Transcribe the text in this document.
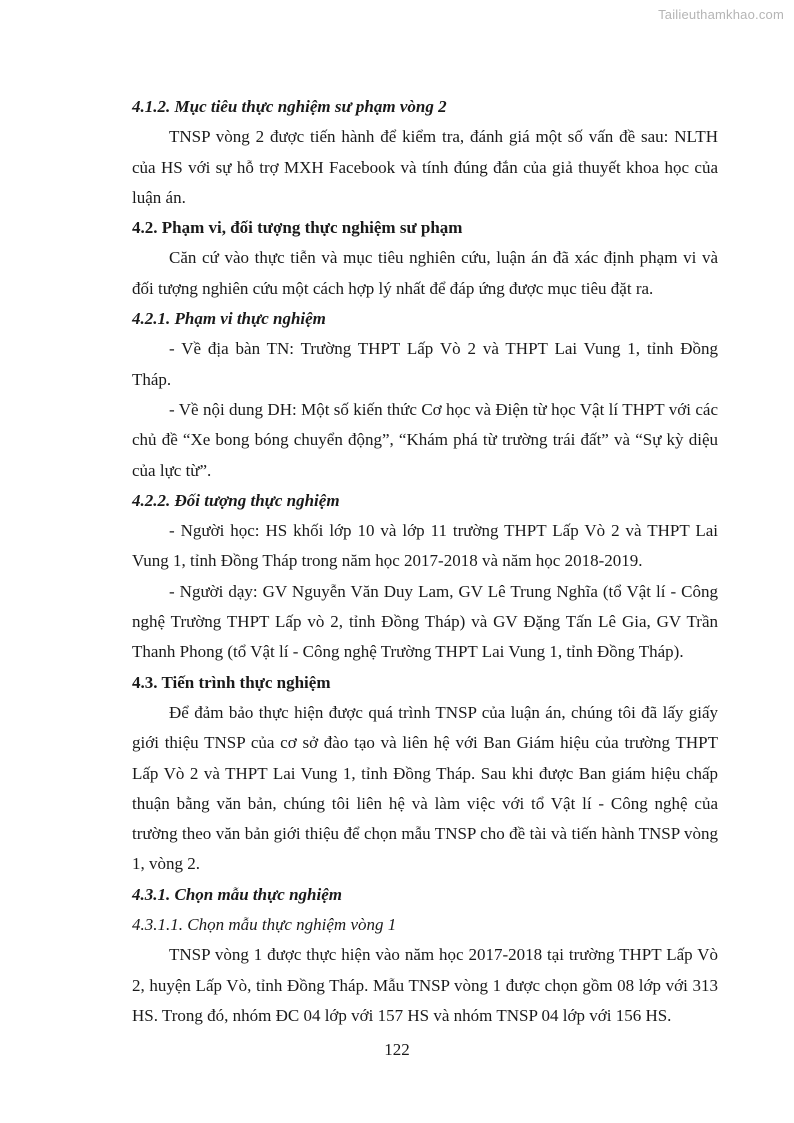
Tailieuthamkhao.com

4.1.2. Mục tiêu thực nghiệm sư phạm vòng 2

TNSP vòng 2 được tiến hành để kiểm tra, đánh giá một số vấn đề sau: NLTH của HS với sự hỗ trợ MXH Facebook và tính đúng đắn của giả thuyết khoa học của luận án.

4.2. Phạm vi, đối tượng thực nghiệm sư phạm

Căn cứ vào thực tiễn và mục tiêu nghiên cứu, luận án đã xác định phạm vi và đối tượng nghiên cứu một cách hợp lý nhất để đáp ứng được mục tiêu đặt ra.

4.2.1. Phạm vi thực nghiệm

- Về địa bàn TN: Trường THPT Lấp Vò 2 và THPT Lai Vung 1, tỉnh Đồng Tháp.

- Về nội dung DH: Một số kiến thức Cơ học và Điện từ học Vật lí THPT với các chủ đề “Xe bong bóng chuyển động”, “Khám phá từ trường trái đất” và “Sự kỳ diệu của lực từ”.

4.2.2. Đối tượng thực nghiệm

- Người học: HS khối lớp 10 và lớp 11 trường THPT Lấp Vò 2 và THPT Lai Vung 1, tỉnh Đồng Tháp trong năm học 2017-2018 và năm học 2018-2019.

- Người dạy: GV Nguyễn Văn Duy Lam, GV Lê Trung Nghĩa (tổ Vật lí - Công nghệ Trường THPT Lấp vò 2, tỉnh Đồng Tháp) và GV Đặng Tấn Lê Gia, GV Trần Thanh Phong (tổ Vật lí - Công nghệ Trường THPT Lai Vung 1, tỉnh Đồng Tháp).

4.3. Tiến trình thực nghiệm

Để đảm bảo thực hiện được quá trình TNSP của luận án, chúng tôi đã lấy giấy giới thiệu TNSP của cơ sở đào tạo và liên hệ với Ban Giám hiệu của trường THPT Lấp Vò 2 và THPT Lai Vung 1, tỉnh Đồng Tháp. Sau khi được Ban giám hiệu chấp thuận bằng văn bản, chúng tôi liên hệ và làm việc với tổ Vật lí - Công nghệ của trường theo văn bản giới thiệu để chọn mẫu TNSP cho đề tài và tiến hành TNSP vòng 1, vòng 2.

4.3.1. Chọn mẫu thực nghiệm

4.3.1.1. Chọn mẫu thực nghiệm vòng 1

TNSP vòng 1 được thực hiện vào năm học 2017-2018 tại trường THPT Lấp Vò 2, huyện Lấp Vò, tỉnh Đồng Tháp. Mẫu TNSP vòng 1 được chọn gồm 08 lớp với 313 HS. Trong đó, nhóm ĐC 04 lớp với 157 HS và nhóm TNSP 04 lớp với 156 HS.

122
